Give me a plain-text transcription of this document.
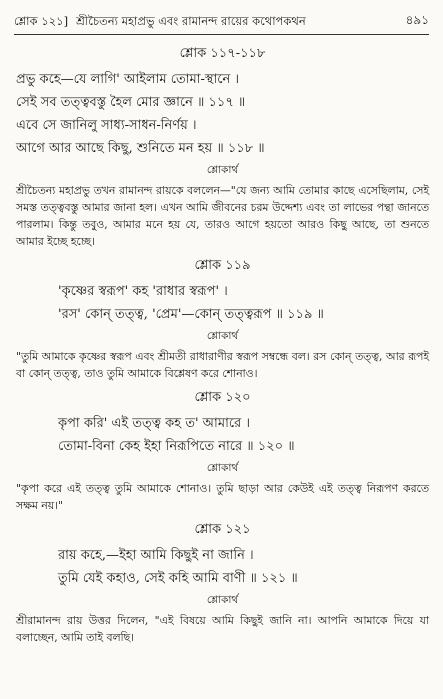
শ্লোক ১২১] শ্রীচৈতন্য মহাপ্রভু এবং রামানন্দ রায়ের কথোপকথন	৪৯১
শ্লোক ১১৭-১১৮
প্রভু কহে—যে লাগি' আইলাম তোমা-স্থানে ।
সেই সব তত্ত্ববস্তু হৈল মোর জ্ঞানে ॥ ১১৭ ॥
এবে সে জানিলু সাধ্য-সাধন-নির্ণয় ।
আগে আর আছে কিছু, শুনিতে মন হয় ॥ ১১৮ ॥
শ্লোকার্থ
শ্রীচৈতন্য মহাপ্রভু তখন রামানন্দ রায়কে বললেন—"যে জন্য আমি তোমার কাছে এসেছিলাম, সেই সমস্ত তত্ত্ববস্তু আমার জানা হল। এখন আমি জীবনের চরম উদ্দেশ্য এবং তা লাভের পন্থা জানতে পারলাম। কিন্তু তবুও, আমার মনে হয় যে, তারও আগে হয়তো আরও কিছু আছে, তা শুনতে আমার ইচ্ছে হচ্ছে।
শ্লোক ১১৯
'কৃষ্ণের স্বরূপ' কহ 'রাধার স্বরূপ' ।
'রস' কোন্ তত্ত্ব, 'প্রেম'—কোন্ তত্ত্বরূপ ॥ ১১৯ ॥
শ্লোকার্থ
"তুমি আমাকে কৃষ্ণের স্বরূপ এবং শ্রীমতী রাধারাণীর স্বরূপ সম্বন্ধে বল। রস কোন্ তত্ত্ব, আর রূপই বা কোন্ তত্ত্ব, তাও তুমি আমাকে বিশ্লেষণ করে শোনাও।
শ্লোক ১২০
কৃপা করি' এই তত্ত্ব কহ ত' আমারে ।
তোমা-বিনা কেহ ইহা নিরূপিতে নারে ॥ ১২০ ॥
শ্লোকার্থ
"কৃপা করে এই তত্ত্ব তুমি আমাকে শোনাও। তুমি ছাড়া আর কেউই এই তত্ত্ব নিরূপণ করতে সক্ষম নয়।"
শ্লোক ১২১
রায় কহে,—ইহা আমি কিছুই না জানি ।
তুমি যেই কহাও, সেই কহি আমি বাণী ॥ ১২১ ॥
শ্লোকার্থ
শ্রীরামানন্দ রায় উত্তর দিলেন, "এই বিষয়ে আমি কিছুই জানি না। আপনি আমাকে দিয়ে যা বলাচ্ছেন, আমি তাই বলছি।
